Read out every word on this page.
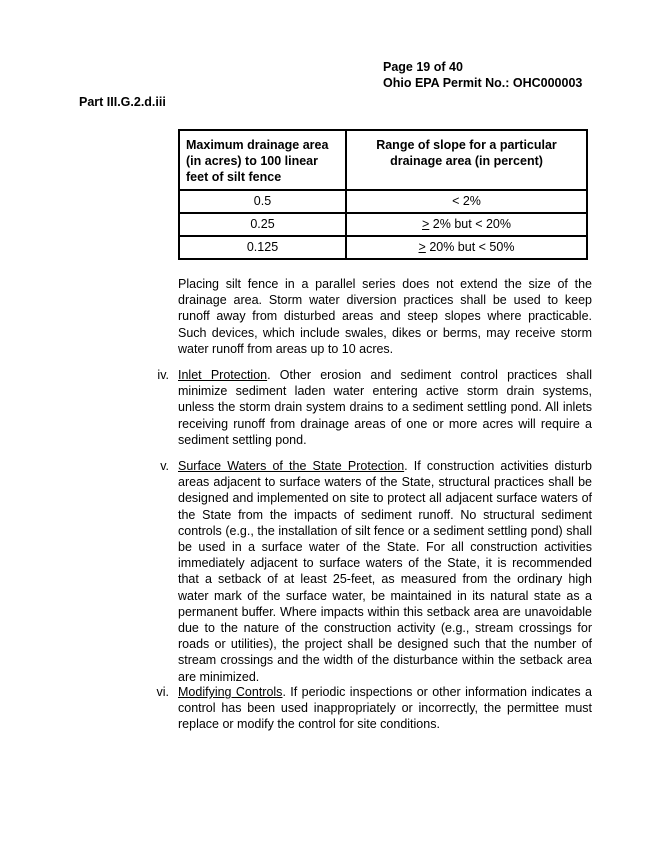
Page 19 of 40
Ohio EPA Permit No.: OHC000003
Part III.G.2.d.iii
Maximum drainage area (in acres) to 100 linear feet of silt fence	Range of slope for a particular drainage area (in percent)
0.5	< 2%
0.25	> 2% but < 20%
0.125	> 20% but < 50%
Placing silt fence in a parallel series does not extend the size of the drainage area. Storm water diversion practices shall be used to keep runoff away from disturbed areas and steep slopes where practicable. Such devices, which include swales, dikes or berms, may receive storm water runoff from areas up to 10 acres.
iv. Inlet Protection. Other erosion and sediment control practices shall minimize sediment laden water entering active storm drain systems, unless the storm drain system drains to a sediment settling pond. All inlets receiving runoff from drainage areas of one or more acres will require a sediment settling pond.
v. Surface Waters of the State Protection. If construction activities disturb areas adjacent to surface waters of the State, structural practices shall be designed and implemented on site to protect all adjacent surface waters of the State from the impacts of sediment runoff. No structural sediment controls (e.g., the installation of silt fence or a sediment settling pond) shall be used in a surface water of the State. For all construction activities immediately adjacent to surface waters of the State, it is recommended that a setback of at least 25-feet, as measured from the ordinary high water mark of the surface water, be maintained in its natural state as a permanent buffer. Where impacts within this setback area are unavoidable due to the nature of the construction activity (e.g., stream crossings for roads or utilities), the project shall be designed such that the number of stream crossings and the width of the disturbance within the setback area are minimized.
vi. Modifying Controls. If periodic inspections or other information indicates a control has been used inappropriately or incorrectly, the permittee must replace or modify the control for site conditions.
